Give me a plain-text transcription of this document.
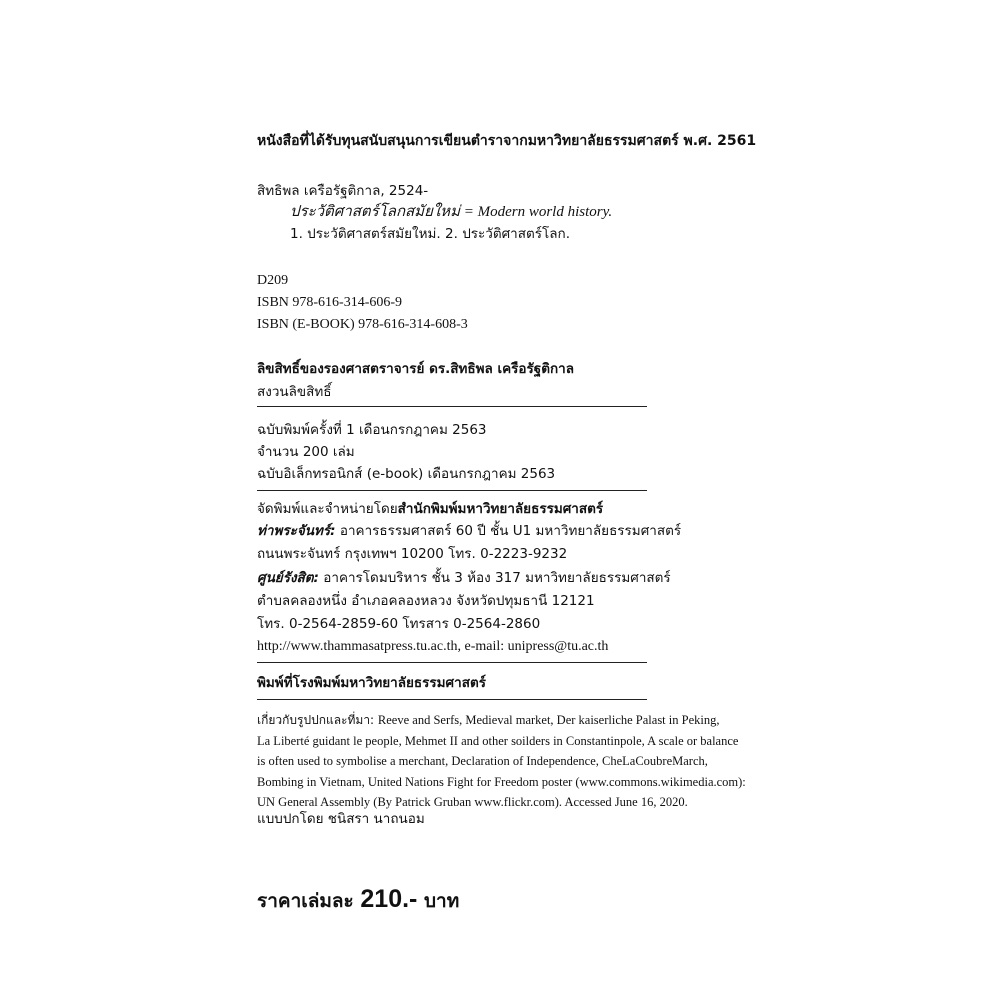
หนังสือที่ได้รับทุนสนับสนุนการเขียนตำราจากมหาวิทยาลัยธรรมศาสตร์ พ.ศ. 2561
สิทธิพล เครือรัฐติกาล, 2524-
ประวัติศาสตร์โลกสมัยใหม่ = Modern world history.
1. ประวัติศาสตร์สมัยใหม่. 2. ประวัติศาสตร์โลก.
D209
ISBN 978-616-314-606-9
ISBN (E-BOOK) 978-616-314-608-3
ลิขสิทธิ์ของรองศาสตราจารย์ ดร.สิทธิพล เครือรัฐติกาล
สงวนลิขสิทธิ์
ฉบับพิมพ์ครั้งที่ 1 เดือนกรกฎาคม 2563
จำนวน 200 เล่ม
ฉบับอิเล็กทรอนิกส์ (e-book) เดือนกรกฎาคม 2563
จัดพิมพ์และจำหน่ายโดยสำนักพิมพ์มหาวิทยาลัยธรรมศาสตร์
ท่าพระจันทร์: อาคารธรรมศาสตร์ 60 ปี ชั้น U1 มหาวิทยาลัยธรรมศาสตร์
ถนนพระจันทร์ กรุงเทพฯ 10200 โทร. 0-2223-9232
ศูนย์รังสิต: อาคารโดมบริหาร ชั้น 3 ห้อง 317 มหาวิทยาลัยธรรมศาสตร์
ตำบลคลองหนึ่ง อำเภอคลองหลวง จังหวัดปทุมธานี 12121
โทร. 0-2564-2859-60 โทรสาร 0-2564-2860
http://www.thammasatpress.tu.ac.th, e-mail: unipress@tu.ac.th
พิมพ์ที่โรงพิมพ์มหาวิทยาลัยธรรมศาสตร์
เกี่ยวกับรูปปกและที่มา: Reeve and Serfs, Medieval market, Der kaiserliche Palast in Peking,
La Liberté guidant le people, Mehmet II and other soilders in Constantinpole, A scale or balance
is often used to symbolise a merchant, Declaration of Independence, CheLaCoubreMarch,
Bombing in Vietnam, United Nations Fight for Freedom poster (www.commons.wikimedia.com):
UN General Assembly (By Patrick Gruban www.flickr.com). Accessed June 16, 2020.
แบบปกโดย ชนิสรา นาถนอม
ราคาเล่มละ 210.- บาท
